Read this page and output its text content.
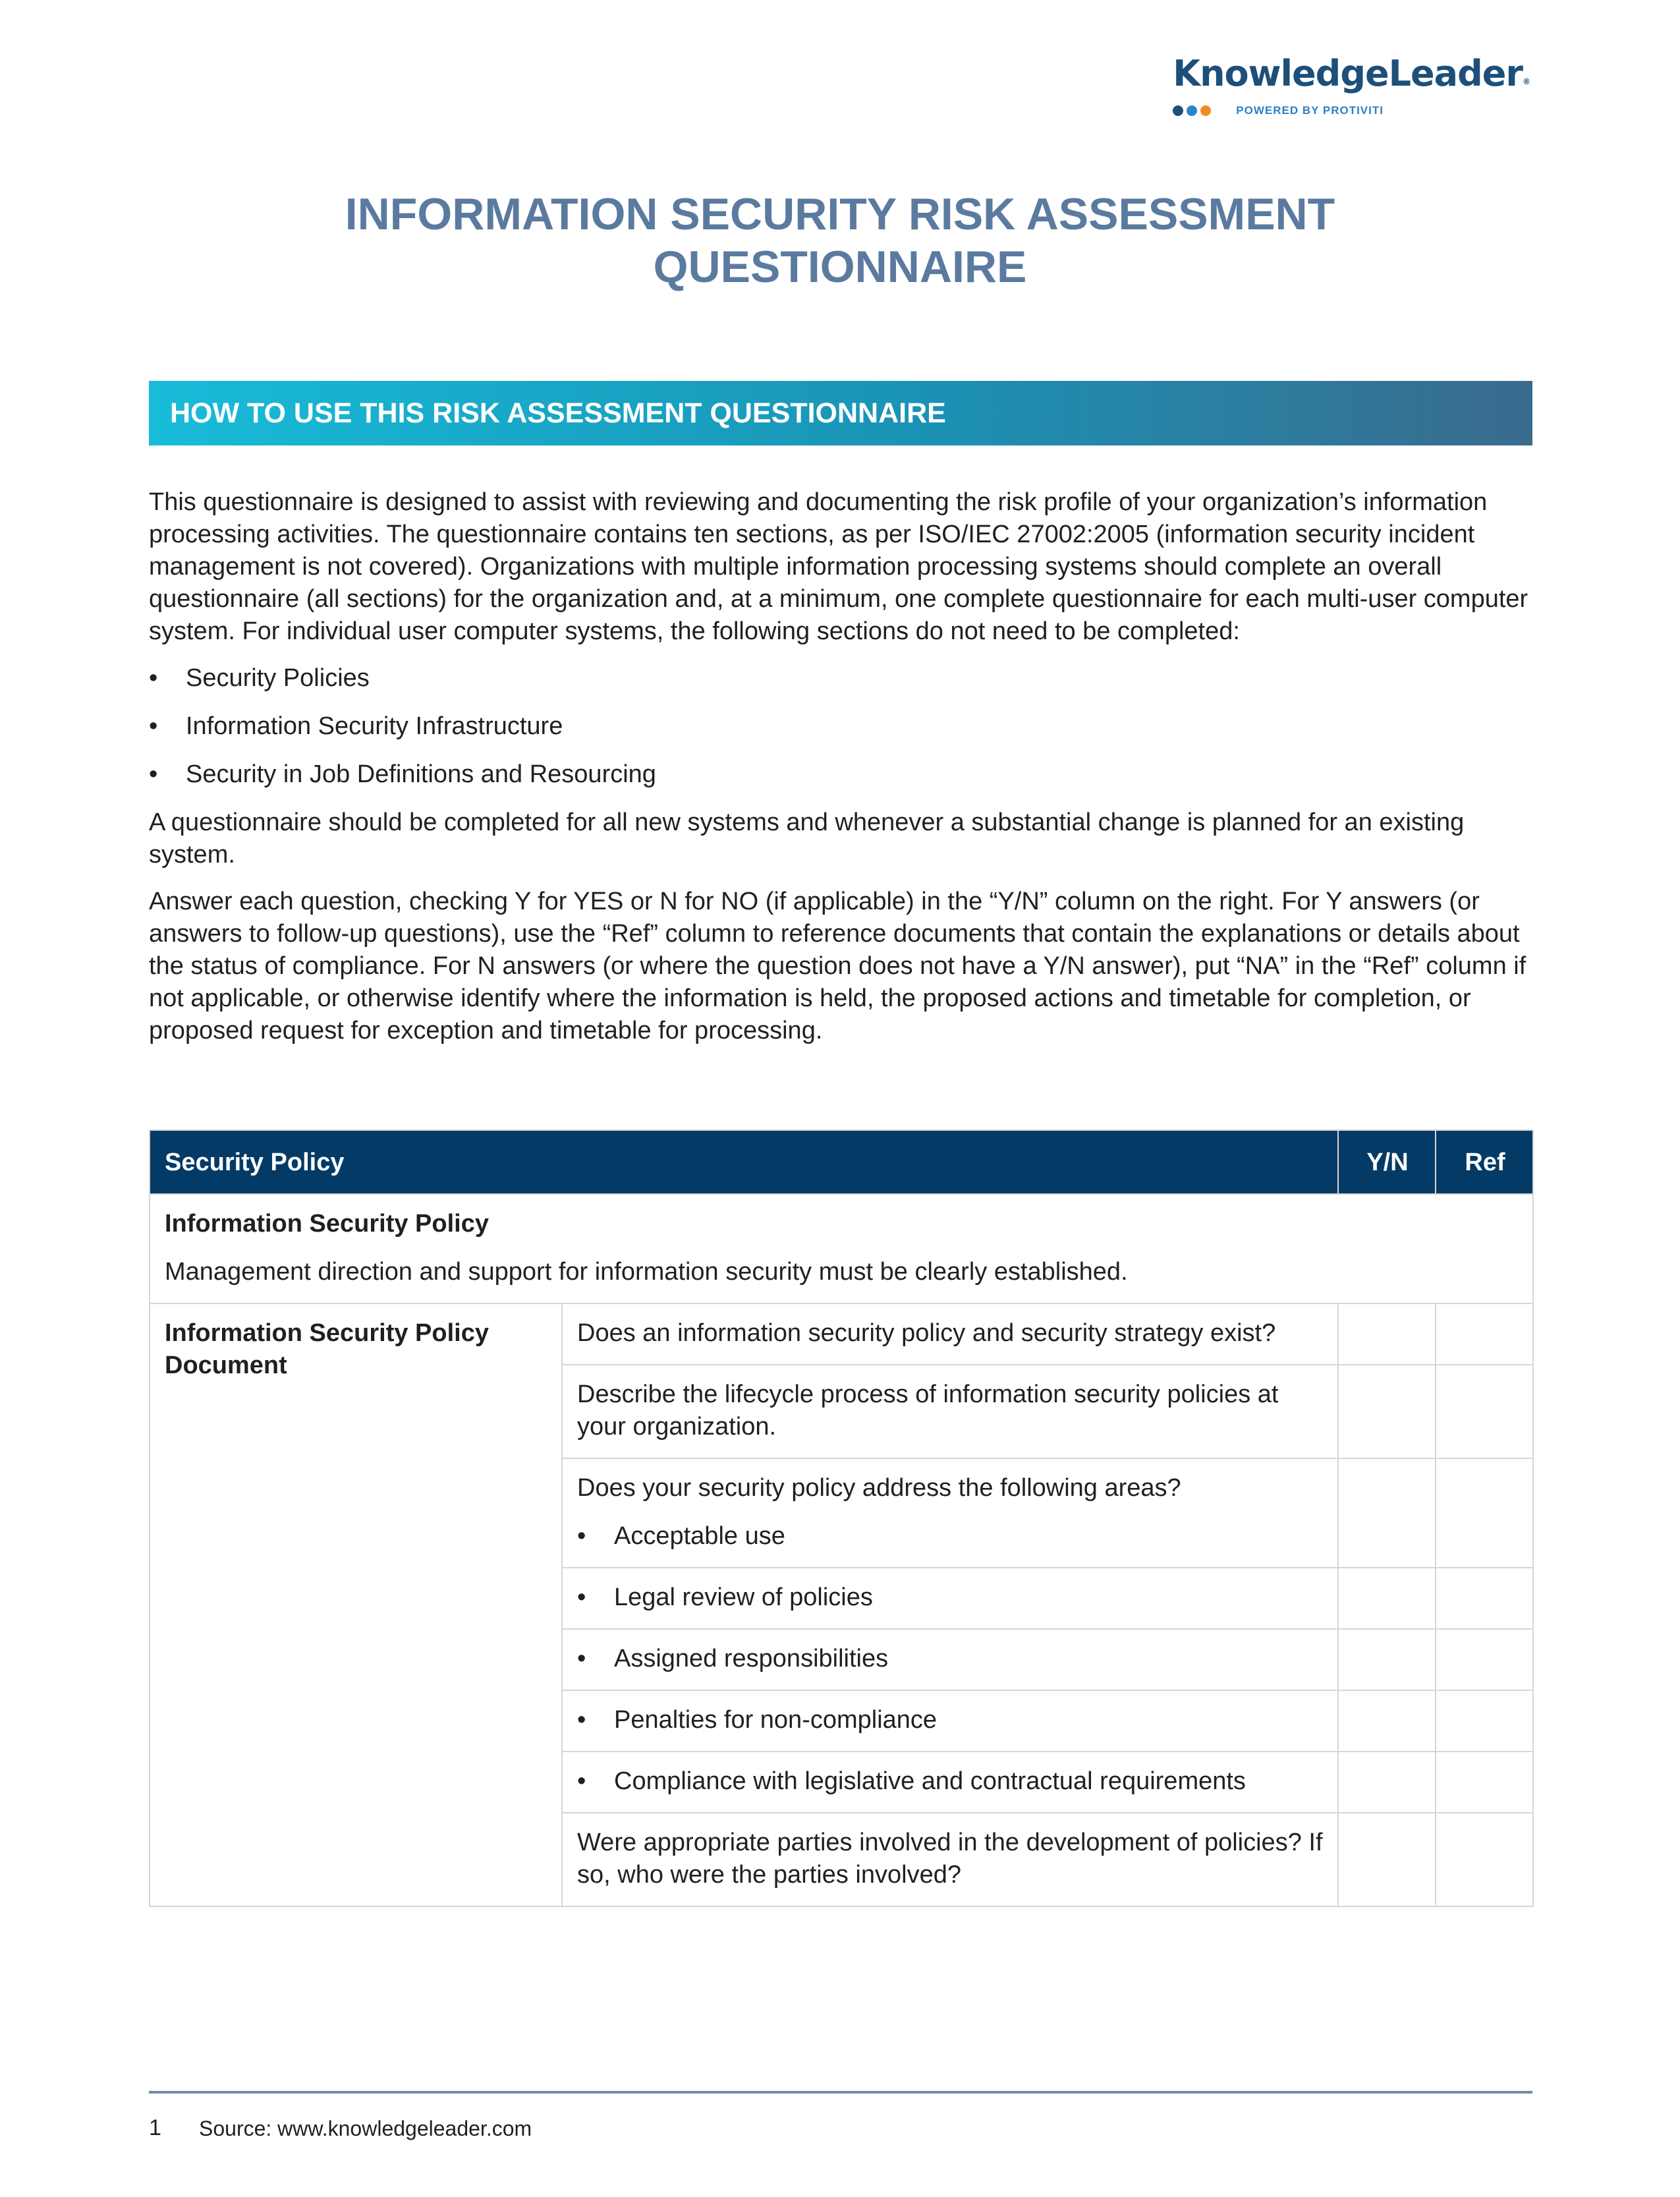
KnowledgeLeader®
POWERED BY PROTIVITI
INFORMATION SECURITY RISK ASSESSMENT
QUESTIONNAIRE
HOW TO USE THIS RISK ASSESSMENT QUESTIONNAIRE

This questionnaire is designed to assist with reviewing and documenting the risk profile of your organization’s information processing activities. The questionnaire contains ten sections, as per ISO/IEC 27002:2005 (information security incident management is not covered). Organizations with multiple information processing systems should complete an overall questionnaire (all sections) for the organization and, at a minimum, one complete questionnaire for each multi-user computer system. For individual user computer systems, the following sections do not need to be completed:

• Security Policies
• Information Security Infrastructure
• Security in Job Definitions and Resourcing

A questionnaire should be completed for all new systems and whenever a substantial change is planned for an existing system.

Answer each question, checking Y for YES or N for NO (if applicable) in the “Y/N” column on the right. For Y answers (or answers to follow-up questions), use the “Ref” column to reference documents that contain the explanations or details about the status of compliance. For N answers (or where the question does not have a Y/N answer), put “NA” in the “Ref” column if not applicable, or otherwise identify where the information is held, the proposed actions and timetable for completion, or proposed request for exception and timetable for processing.

Security Policy		Y/N	Ref
Information Security Policy
Management direction and support for information security must be clearly established.			

Information Security Policy Document	Does an information security policy and security strategy exist?		
	Describe the lifecycle process of information security policies at your organization.		
	Does your security policy address the following areas?
• Acceptable use

	• Legal review of policies

	• Assigned responsibilities

	• Penalties for non-compliance

	• Compliance with legislative and contractual requirements

	Were appropriate parties involved in the development of policies? If so, who were the parties involved?		
1 Source: www.knowledgeleader.com
